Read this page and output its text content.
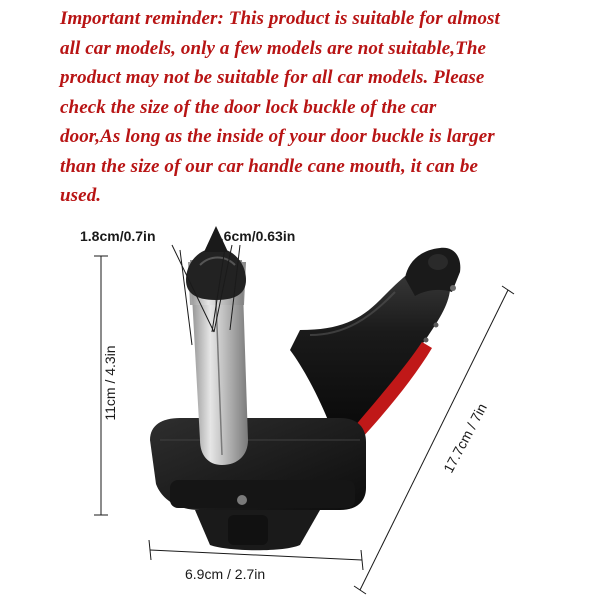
Important reminder: This product is suitable for almost
all car models, only a few models are not suitable,The
product may not be suitable for all car models. Please
check the size of the door lock buckle of the car
door,As long as the inside of your door buckle is larger
than the size of our car handle cane mouth, it can be
used.
1.8cm/0.7in	1.6cm/0.63in
11cm / 4.3in
17.7cm / 7in
6.9cm / 2.7in
